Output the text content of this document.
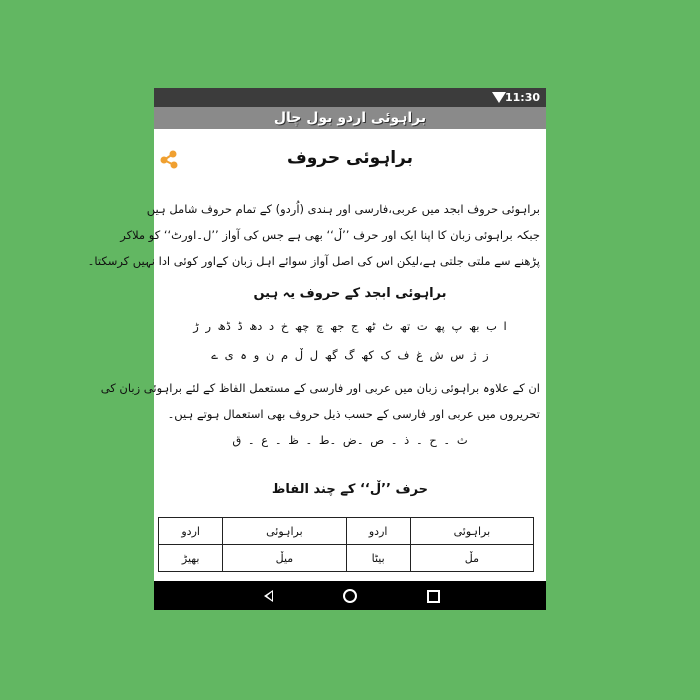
11:30
براہوئی اردو بول چال
براہوئی حروف
براہوئی حروف ابجد میں عربی،فارسی اور ہندی (اُردو) کے تمام حروف شامل ہیں
جبکہ براہوئی زبان کا اپنا ایک اور حرف ’’ڵ‘‘ بھی ہے جس کی آواز ’’ل۔اورٹ‘‘ کو ملاکر
پڑھنے سے ملتی جلتی ہے،لیکن اس کی اصل آواز سوائے اہل زبان کےاور کوئی ادا نہیں کرسکتا۔
براہوئی ابجد کے حروف یہ ہیں
ا ب بھ پ پھ ت تھ ٹ ٹھ ج جھ چ چھ خ د دھ ڈ ڈھ ر ڑ
ز ژ س ش غ ف ک کھ گ گھ ل ڵ م ن و ہ ی ے
ان کے علاوہ براہوئی زبان میں عربی اور فارسی کے مستعمل الفاظ کے لئے براہوئی زبان کی
تحریروں میں عربی اور فارسی کے حسب ذیل حروف بھی استعمال ہوتے ہیں۔
ث ۔ ح ۔ ذ ۔ ص ۔ض ۔ط ۔ ظ ۔ ع ۔ ق
حرف ’’ڵ‘‘ کے چند الفاظ
براہوئی	اردو	براہوئی	اردو
مڵ	بیٹا	میڵ	بھیڑ
